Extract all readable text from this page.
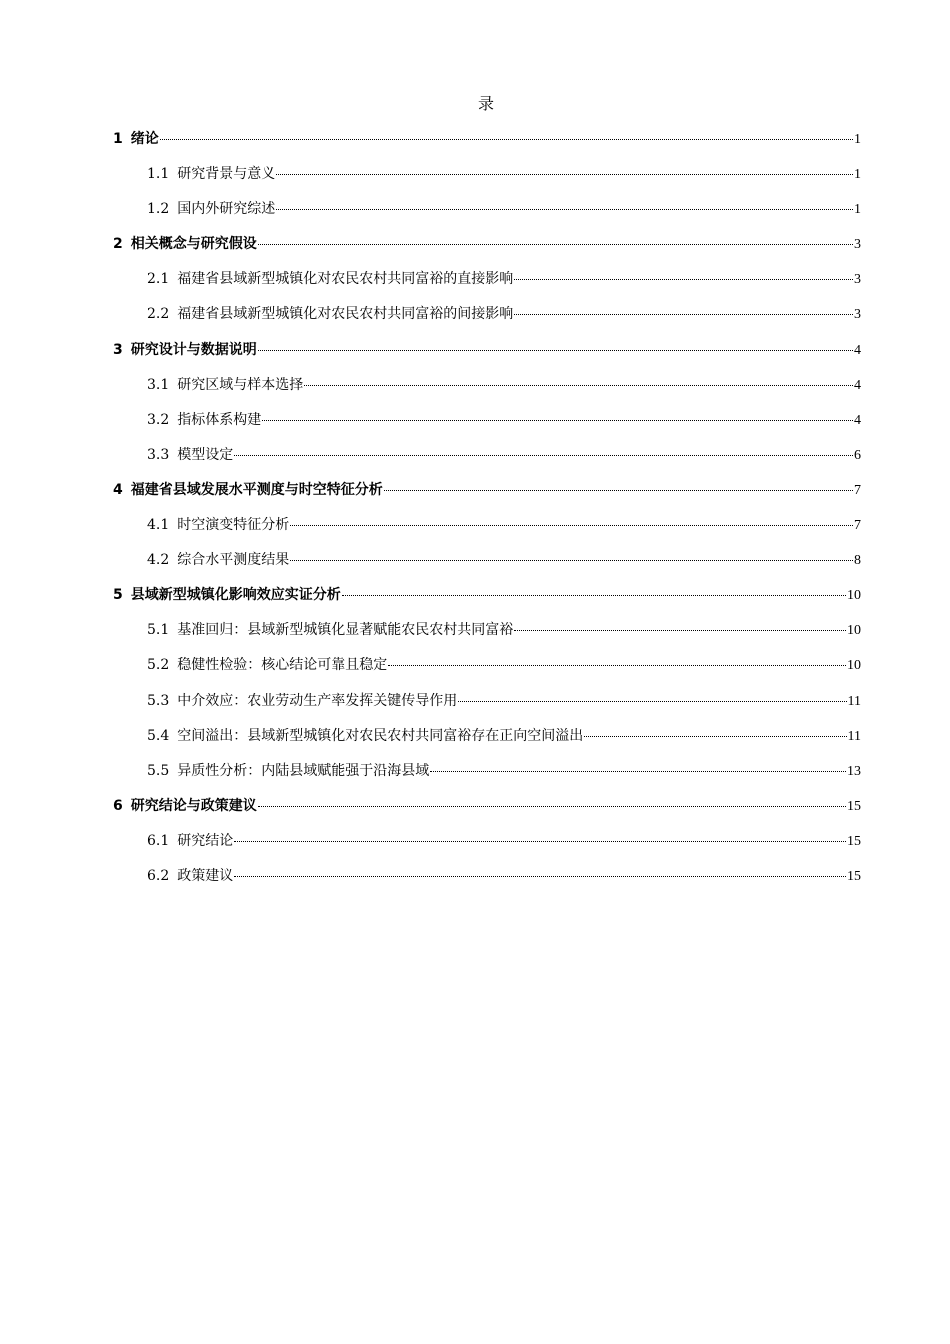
录
1 绪论	1
1.1 研究背景与意义	1
1.2 国内外研究综述	1
2 相关概念与研究假设	3
2.1 福建省县域新型城镇化对农民农村共同富裕的直接影响	3
2.2 福建省县域新型城镇化对农民农村共同富裕的间接影响	3
3 研究设计与数据说明	4
3.1 研究区域与样本选择	4
3.2 指标体系构建	4
3.3 模型设定	6
4 福建省县域发展水平测度与时空特征分析	7
4.1 时空演变特征分析	7
4.2 综合水平测度结果	8
5 县域新型城镇化影响效应实证分析	10
5.1 基准回归：县域新型城镇化显著赋能农民农村共同富裕	10
5.2 稳健性检验：核心结论可靠且稳定	10
5.3 中介效应：农业劳动生产率发挥关键传导作用	11
5.4 空间溢出：县域新型城镇化对农民农村共同富裕存在正向空间溢出	11
5.5 异质性分析：内陆县域赋能强于沿海县域	13
6 研究结论与政策建议	15
6.1 研究结论	15
6.2 政策建议	15
